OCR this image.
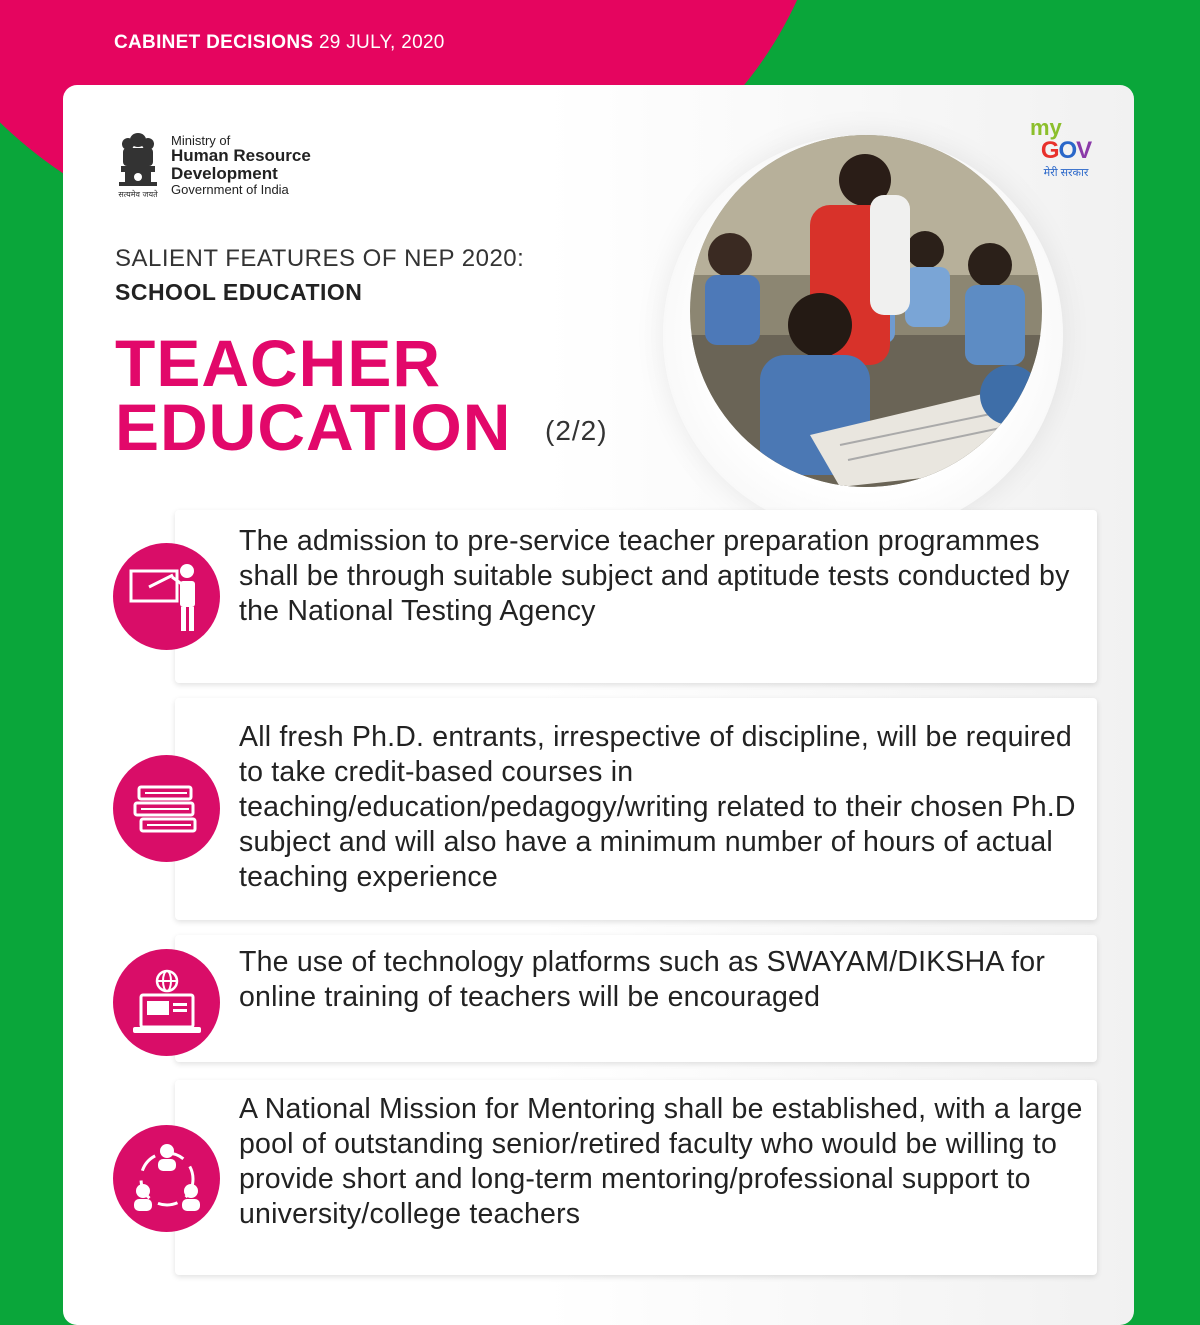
CABINET DECISIONS 29 JULY, 2020
सत्यमेव जयते
Ministry of
Human Resource
Development
Government of India
my
GOV
मेरी सरकार
SALIENT FEATURES OF NEP 2020:
SCHOOL EDUCATION
TEACHER
EDUCATION (2/2)
The admission to pre-service teacher preparation programmes shall be through suitable subject and aptitude tests conducted by the National Testing Agency
All fresh Ph.D. entrants, irrespective of discipline, will be required to take credit-based courses in teaching/education/pedagogy/writing related to their chosen Ph.D subject and will also have a minimum number of hours of actual teaching experience
The use of technology platforms such as SWAYAM/DIKSHA for online training of teachers will be encouraged
A National Mission for Mentoring shall be established, with a large pool of outstanding senior/retired faculty who would be willing to provide short and long-term mentoring/professional support to university/college teachers
